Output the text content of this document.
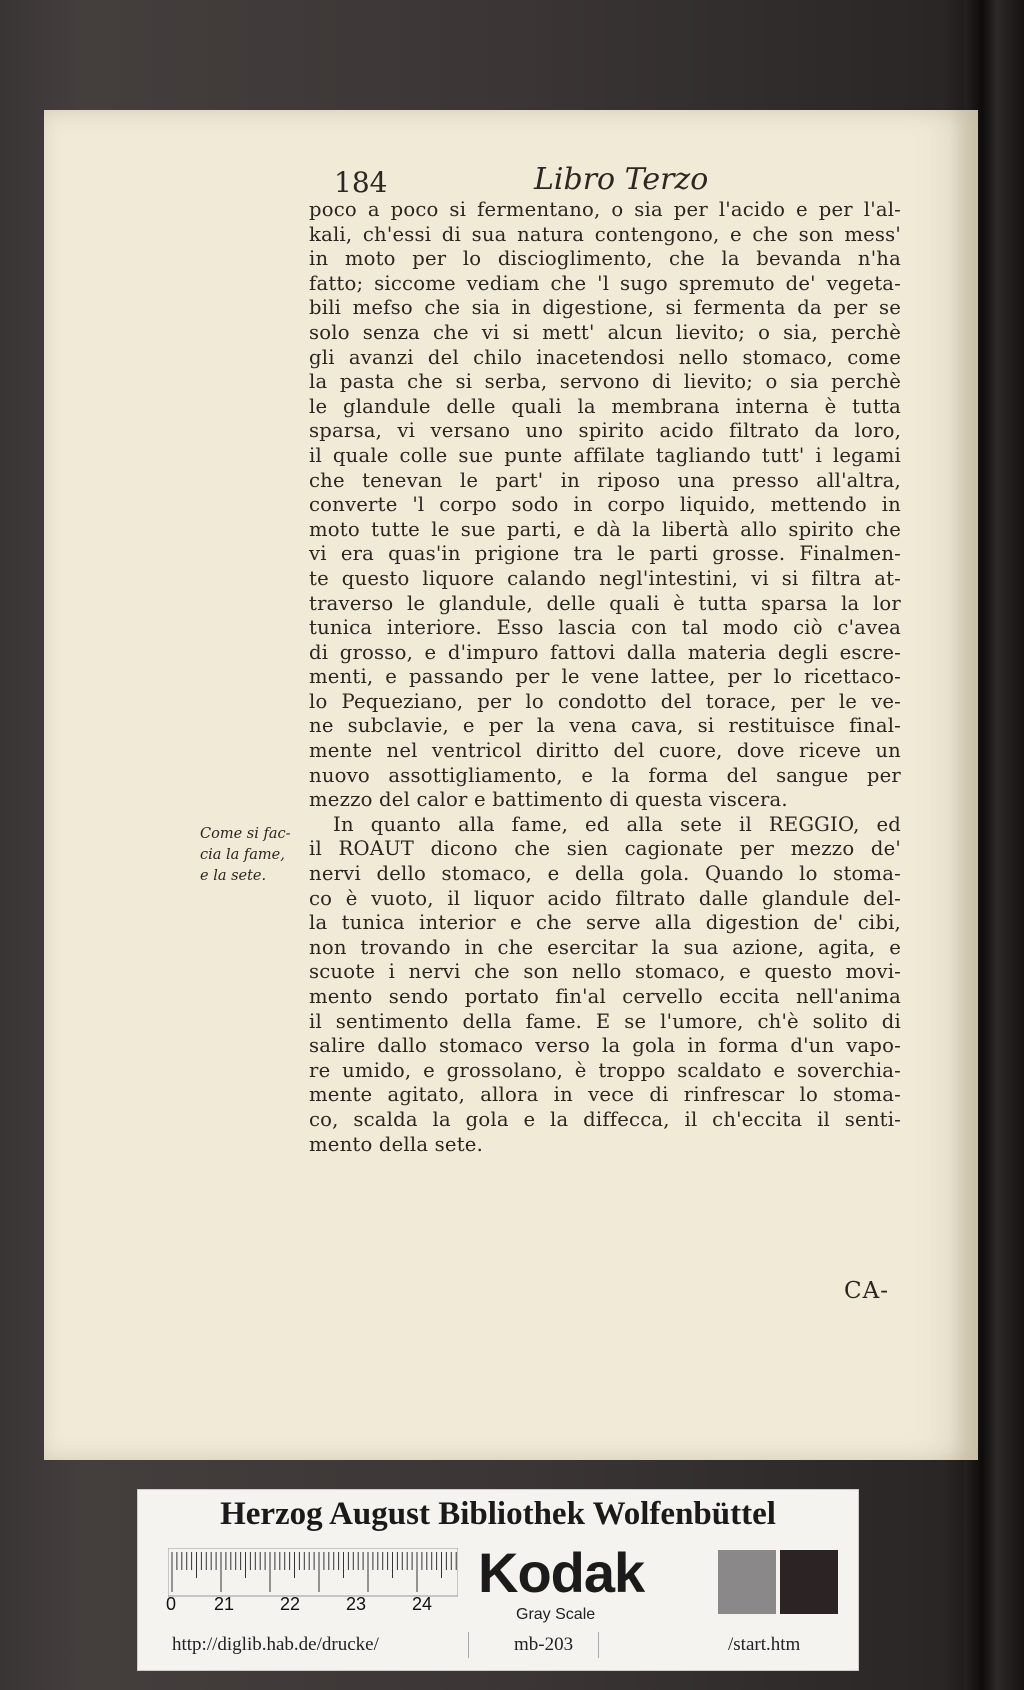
184	Libro Terzo
poco a poco si fermentano, o sia per l'acido e per l'al-
kali, ch'essi di sua natura contengono, e che son mess'
in moto per lo discioglimento, che la bevanda n'ha
fatto; siccome vediam che 'l sugo spremuto de' vegeta-
bili mefso che sia in digestione, si fermenta da per se
solo senza che vi si mett' alcun lievito; o sia, perchè
gli avanzi del chilo inacetendosi nello stomaco, come
la pasta che si serba, servono di lievito; o sia perchè
le glandule delle quali la membrana interna è tutta
sparsa, vi versano uno spirito acido filtrato da loro,
il quale colle sue punte affilate tagliando tutt' i legami
che tenevan le part' in riposo una presso all'altra,
converte 'l corpo sodo in corpo liquido, mettendo in
moto tutte le sue parti, e dà la libertà allo spirito che
vi era quas'in prigione tra le parti grosse. Finalmen-
te questo liquore calando negl'intestini, vi si filtra at-
traverso le glandule, delle quali è tutta sparsa la lor
tunica interiore. Esso lascia con tal modo ciò c'avea
di grosso, e d'impuro fattovi dalla materia degli escre-
menti, e passando per le vene lattee, per lo ricettaco-
lo Pequeziano, per lo condotto del torace, per le ve-
ne subclavie, e per la vena cava, si restituisce final-
mente nel ventricol diritto del cuore, dove riceve un
nuovo assottigliamento, e la forma del sangue per
mezzo del calor e battimento di questa viscera.
In quanto alla fame, ed alla sete il REGGIO, ed
il ROAUT dicono che sien cagionate per mezzo de'
nervi dello stomaco, e della gola. Quando lo stoma-
co è vuoto, il liquor acido filtrato dalle glandule del-
la tunica interior e che serve alla digestion de' cibi,
non trovando in che esercitar la sua azione, agita, e
scuote i nervi che son nello stomaco, e questo movi-
mento sendo portato fin'al cervello eccita nell'anima
il sentimento della fame. E se l'umore, ch'è solito di
salire dallo stomaco verso la gola in forma d'un vapo-
re umido, e grossolano, è troppo scaldato e soverchia-
mente agitato, allora in vece di rinfrescar lo stoma-
co, scalda la gola e la diffecca, il ch'eccita il senti-
mento della sete.
Come si fac-
cia la fame,
e la sete.
CA-
Herzog August Bibliothek Wolfenbüttel
0 21	22	23	24 Kodak
Gray Scale
http://diglib.hab.de/drucke/	mb-203	/start.htm
